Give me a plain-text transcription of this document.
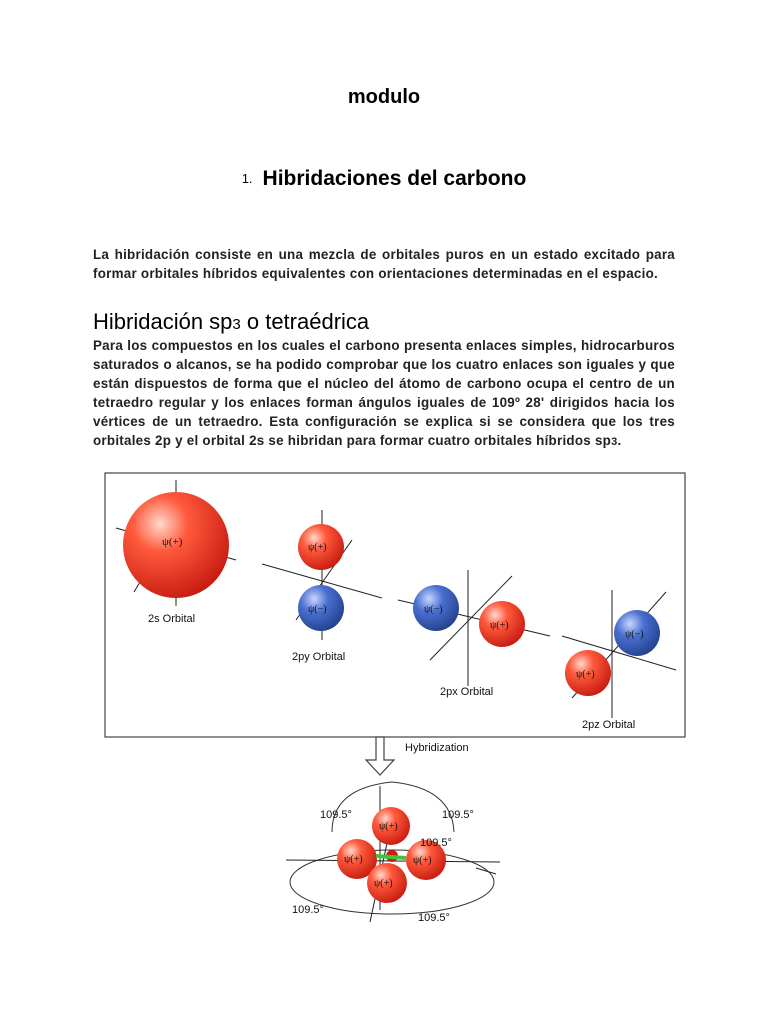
modulo
1. Hibridaciones del carbono
La hibridación consiste en una mezcla de orbitales puros en un estado excitado para formar orbitales híbridos equivalentes con orientaciones determinadas en el espacio.
Hibridación sp3 o tetraédrica
Para los compuestos en los cuales el carbono presenta enlaces simples, hidrocarburos saturados o alcanos, se ha podido comprobar que los cuatro enlaces son iguales y que están dispuestos de forma que el núcleo del átomo de carbono ocupa el centro de un tetraedro regular y los enlaces forman ángulos iguales de 109º 28' dirigidos hacia los vértices de un tetraedro. Esta configuración se explica si se considera que los tres orbitales 2p y el orbital 2s se hibridan para formar cuatro orbitales híbridos sp3.
ψ(+)
2s Orbital
ψ(+)
ψ(−)
2py Orbital
ψ(−)
ψ(+)
2px Orbital
ψ(−)
ψ(+)
2pz Orbital
Hybridization
ψ(+)
ψ(+)	ψ(+)
ψ(+)
109.5°	109.5°
109.5°
109.5°
109.5°
